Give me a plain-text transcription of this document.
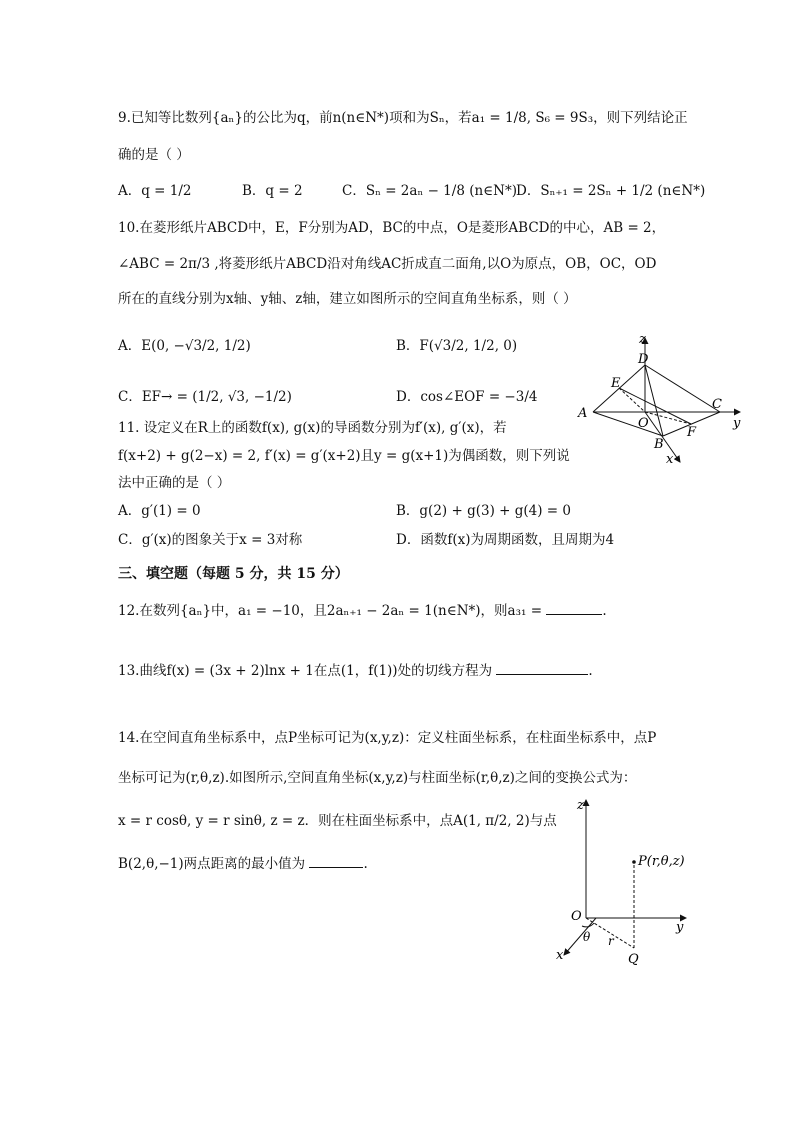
9.已知等比数列{aₙ}的公比为q，前n(n∈N*)项和为Sₙ，若a₁ = 1/8, S₆ = 9S₃，则下列结论正
确的是（ ）
A．q = 1/2	B．q = 2	C．Sₙ = 2aₙ − 1/8 (n∈N*) D．Sₙ₊₁ = 2Sₙ + 1/2 (n∈N*)
10.在菱形纸片ABCD中，E，F分别为AD，BC的中点，O是菱形ABCD的中心，AB = 2，
∠ABC = 2π/3 ,将菱形纸片ABCD沿对角线AC折成直二面角,以O为原点，OB，OC，OD
所在的直线分别为x轴、y轴、z轴，建立如图所示的空间直角坐标系，则（ ）
A．E(0, −√3/2, 1/2)	B．F(√3/2, 1/2, 0)
C．EF→ = (1/2, √3, −1/2)	D．cos∠EOF = −3/4
z
y
x
A
B
C
D
E
F
O
11. 设定义在R上的函数f(x), g(x)的导函数分别为f′(x), g′(x)，若
f(x+2) + g(2−x) = 2, f′(x) = g′(x+2)且y = g(x+1)为偶函数，则下列说
法中正确的是（ ）
A．g′(1) = 0	B．g(2) + g(3) + g(4) = 0
C．g′(x)的图象关于x = 3对称	D．函数f(x)为周期函数，且周期为4
三、填空题（每题 5 分，共 15 分）
12.在数列{aₙ}中，a₁ = −10，且2aₙ₊₁ − 2aₙ = 1(n∈N*)，则a₃₁ =	.
13.曲线f(x) = (3x + 2)lnx + 1在点(1，f(1))处的切线方程为	.
14.在空间直角坐标系中，点P坐标可记为(x,y,z)：定义柱面坐标系，在柱面坐标系中，点P
坐标可记为(r,θ,z).如图所示,空间直角坐标(x,y,z)与柱面坐标(r,θ,z)之间的变换公式为：
x = r cosθ, y = r sinθ, z = z．则在柱面坐标系中，点A(1, π/2, 2)与点
B(2,θ,−1)两点距离的最小值为	.
z
y
x
O
P(r,θ,z)
Q
r
θ
